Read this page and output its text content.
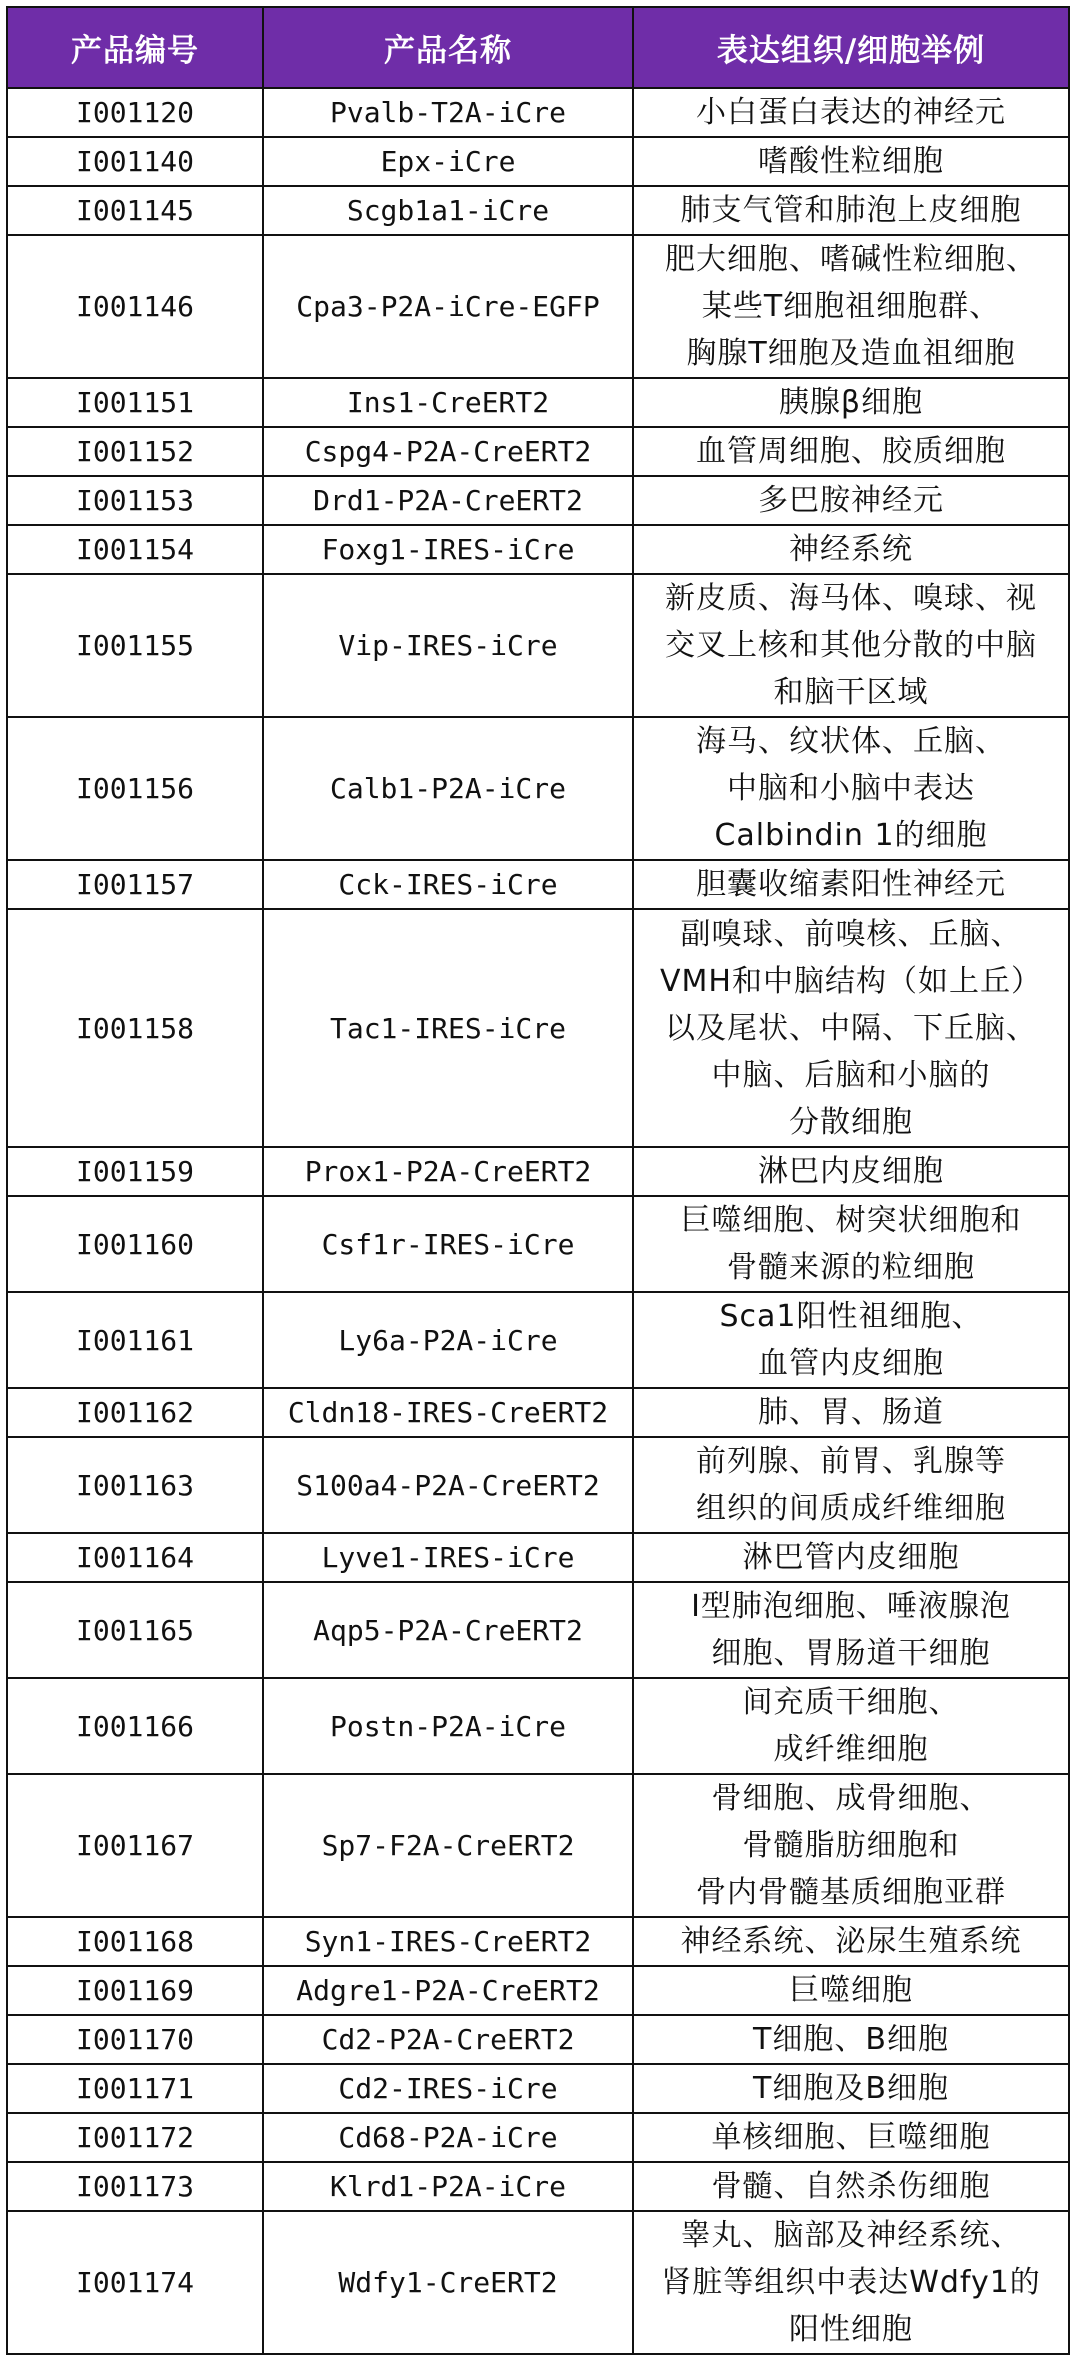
产品编号	产品名称	表达组织/细胞举例
I001120	Pvalb-T2A-iCre	小白蛋白表达的神经元

I001140	Epx-iCre	嗜酸性粒细胞

I001145	Scgb1a1-iCre	肺支气管和肺泡上皮细胞

I001146	Cpa3-P2A-iCre-EGFP	肥大细胞、嗜碱性粒细胞、
某些T细胞祖细胞群、
胸腺T细胞及造血祖细胞

I001151	Ins1-CreERT2	胰腺β细胞

I001152	Cspg4-P2A-CreERT2	血管周细胞、胶质细胞

I001153	Drd1-P2A-CreERT2	多巴胺神经元

I001154	Foxg1-IRES-iCre	神经系统

I001155	Vip-IRES-iCre	新皮质、海马体、嗅球、视
交叉上核和其他分散的中脑
和脑干区域

I001156	Calb1-P2A-iCre	海马、纹状体、丘脑、
中脑和小脑中表达
Calbindin 1的细胞

I001157	Cck-IRES-iCre	胆囊收缩素阳性神经元

I001158	Tac1-IRES-iCre	副嗅球、前嗅核、丘脑、
VMH和中脑结构（如上丘）
以及尾状、中隔、下丘脑、
中脑、后脑和小脑的
分散细胞

I001159	Prox1-P2A-CreERT2	淋巴内皮细胞

I001160	Csf1r-IRES-iCre	巨噬细胞、树突状细胞和
骨髓来源的粒细胞

I001161	Ly6a-P2A-iCre	Sca1阳性祖细胞、
血管内皮细胞

I001162	Cldn18-IRES-CreERT2	肺、胃、肠道

I001163	S100a4-P2A-CreERT2	前列腺、前胃、乳腺等
组织的间质成纤维细胞

I001164	Lyve1-IRES-iCre	淋巴管内皮细胞

I001165	Aqp5-P2A-CreERT2	Ⅰ型肺泡细胞、唾液腺泡
细胞、胃肠道干细胞

I001166	Postn-P2A-iCre	间充质干细胞、
成纤维细胞

I001167	Sp7-F2A-CreERT2	骨细胞、成骨细胞、
骨髓脂肪细胞和
骨内骨髓基质细胞亚群

I001168	Syn1-IRES-CreERT2	神经系统、泌尿生殖系统

I001169	Adgre1-P2A-CreERT2	巨噬细胞

I001170	Cd2-P2A-CreERT2	T细胞、B细胞

I001171	Cd2-IRES-iCre	T细胞及B细胞

I001172	Cd68-P2A-iCre	单核细胞、巨噬细胞

I001173	Klrd1-P2A-iCre	骨髓、自然杀伤细胞

I001174	Wdfy1-CreERT2	睾丸、脑部及神经系统、
肾脏等组织中表达Wdfy1的
阳性细胞
